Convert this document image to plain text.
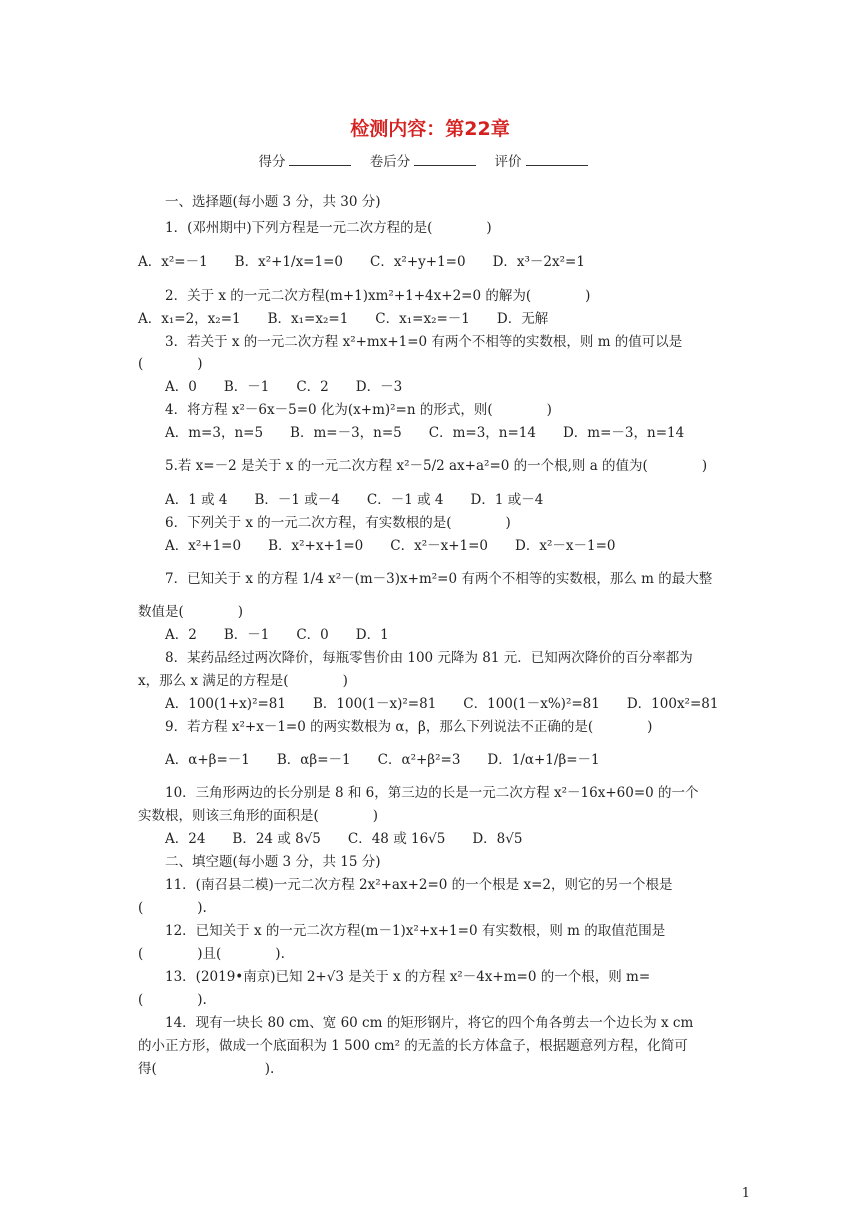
检测内容：第22章
得分	卷后分	评价
一、选择题(每小题 3 分，共 30 分)
1．(邓州期中)下列方程是一元二次方程的是(　　　　)
A．x²=－1　　B．x²+1/x=1=0　　C．x²+y+1=0　　D．x³－2x²=1
2．关于 x 的一元二次方程(m+1)xm²+1+4x+2=0 的解为(　　　　)
A．x₁=2，x₂=1　　B．x₁=x₂=1　　C．x₁=x₂=－1　　D．无解
3．若关于 x 的一元二次方程 x²+mx+1=0 有两个不相等的实数根，则 m 的值可以是
(　　　　)
A．0　　B．－1　　C．2　　D．－3
4．将方程 x²－6x－5=0 化为(x+m)²=n 的形式，则(　　　　)
A．m=3，n=5　　B．m=－3，n=5　　C．m=3，n=14　　D．m=－3，n=14
5.若 x=－2 是关于 x 的一元二次方程 x²－5/2 ax+a²=0 的一个根,则 a 的值为(　　　　)
A．1 或 4　　B．－1 或－4　　C．－1 或 4　　D．1 或－4
6．下列关于 x 的一元二次方程，有实数根的是(　　　　)
A．x²+1=0　　B．x²+x+1=0　　C．x²－x+1=0　　D．x²－x－1=0
7．已知关于 x 的方程 1/4 x²－(m－3)x+m²=0 有两个不相等的实数根，那么 m 的最大整
数值是(　　　　)
A．2　　B．－1　　C．0　　D．1
8．某药品经过两次降价，每瓶零售价由 100 元降为 81 元．已知两次降价的百分率都为
x，那么 x 满足的方程是(　　　　)
A．100(1+x)²=81　　B．100(1－x)²=81　　C．100(1－x%)²=81　　D．100x²=81
9．若方程 x²+x－1=0 的两实数根为 α，β，那么下列说法不正确的是(　　　　)
A．α+β=－1　　B．αβ=－1　　C．α²+β²=3　　D．1/α+1/β=－1
10．三角形两边的长分别是 8 和 6，第三边的长是一元二次方程 x²－16x+60=0 的一个
实数根，则该三角形的面积是(　　　　)
A．24　　B．24 或 8√5　　C．48 或 16√5　　D．8√5
二、填空题(每小题 3 分，共 15 分)
11．(南召县二模)一元二次方程 2x²+ax+2=0 的一个根是 x=2，则它的另一个根是
(　　　　).
12．已知关于 x 的一元二次方程(m－1)x²+x+1=0 有实数根，则 m 的取值范围是
(　　　　)且(　　　　).
13．(2019•南京)已知 2+√3 是关于 x 的方程 x²－4x+m=0 的一个根，则 m=
(　　　　).
14．现有一块长 80 cm、宽 60 cm 的矩形钢片，将它的四个角各剪去一个边长为 x cm
的小正方形，做成一个底面积为 1 500 cm² 的无盖的长方体盒子，根据题意列方程，化简可
得(　　　　　　　　).
1
